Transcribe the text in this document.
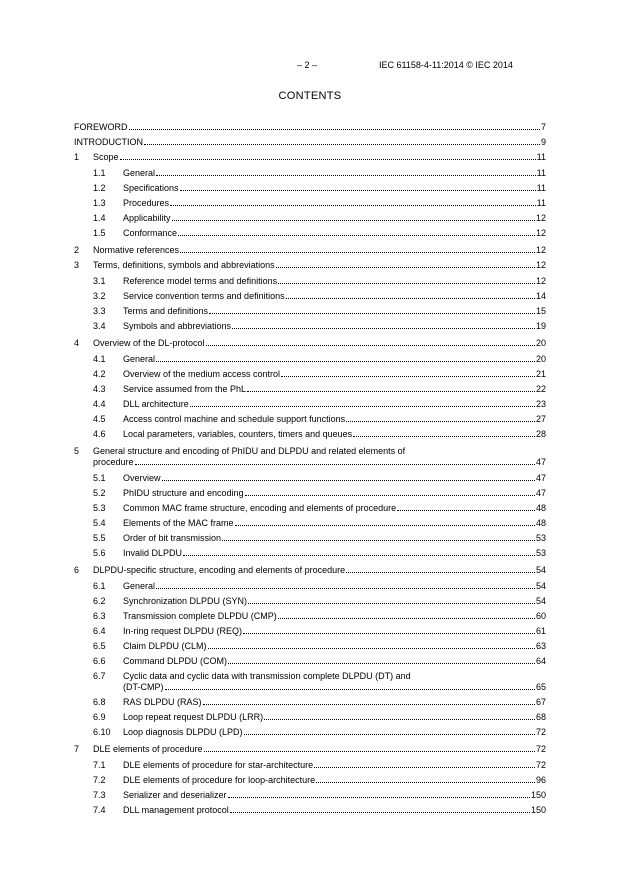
– 2 –	IEC 61158-4-11:2014 © IEC 2014
CONTENTS
FOREWORD	7
INTRODUCTION	9
1	Scope	11
1.1	General	11
1.2	Specifications	11
1.3	Procedures	11
1.4	Applicability	12
1.5	Conformance	12
2	Normative references	12
3	Terms, definitions, symbols and abbreviations	12
3.1	Reference model terms and definitions	12
3.2	Service convention terms and definitions	14
3.3	Terms and definitions	15
3.4	Symbols and abbreviations	19
4	Overview of the DL-protocol	20
4.1	General	20
4.2	Overview of the medium access control	21
4.3	Service assumed from the PhL	22
4.4	DLL architecture	23
4.5	Access control machine and schedule support functions	27
4.6	Local parameters, variables, counters, timers and queues	28
5	General structure and encoding of PhIDU and DLPDU and related elements of
procedure	47
5.1	Overview	47
5.2	PhIDU structure and encoding	47
5.3	Common MAC frame structure, encoding and elements of procedure	48
5.4	Elements of the MAC frame	48
5.5	Order of bit transmission	53
5.6	Invalid DLPDU	53
6	DLPDU-specific structure, encoding and elements of procedure	54
6.1	General	54
6.2	Synchronization DLPDU (SYN)	54
6.3	Transmission complete DLPDU (CMP)	60
6.4	In-ring request DLPDU (REQ)	61
6.5	Claim DLPDU (CLM)	63
6.6	Command DLPDU (COM)	64
6.7	Cyclic data and cyclic data with transmission complete DLPDU (DT) and
(DT-CMP)	65
6.8	RAS DLPDU (RAS)	67
6.9	Loop repeat request DLPDU (LRR)	68
6.10	Loop diagnosis DLPDU (LPD)	72
7	DLE elements of procedure	72
7.1	DLE elements of procedure for star-architecture	72
7.2	DLE elements of procedure for loop-architecture	96
7.3	Serializer and deserializer	150
7.4	DLL management protocol	150
